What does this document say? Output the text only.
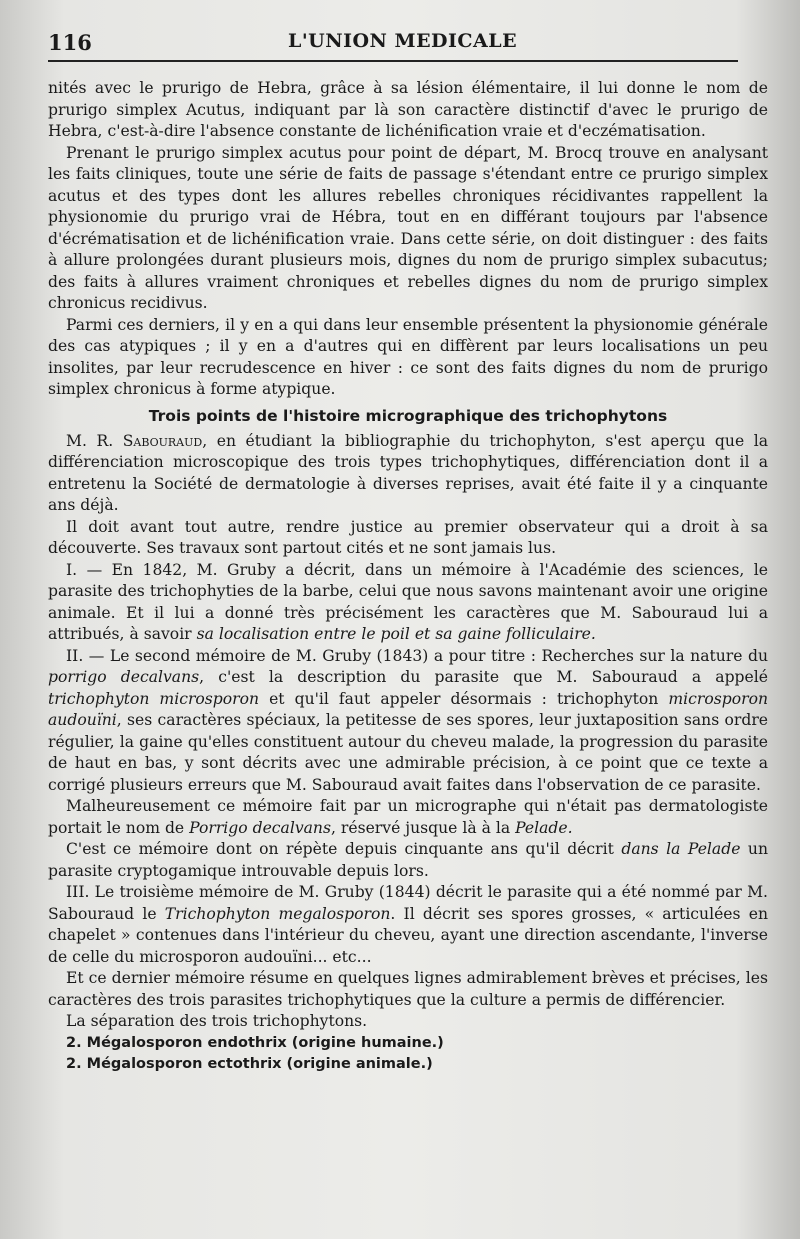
116	L'UNION MEDICALE

nités avec le prurigo de Hebra, grâce à sa lésion élémentaire, il lui donne le nom de prurigo simplex Acutus, indiquant par là son caractère distinctif d'avec le prurigo de Hebra, c'est-à-dire l'absence constante de lichénification vraie et d'eczématisation.

Prenant le prurigo simplex acutus pour point de départ, M. Brocq trouve en analysant les faits cliniques, toute une série de faits de passage s'étendant entre ce prurigo simplex acutus et des types dont les allures rebelles chroniques récidivantes rappellent la physionomie du prurigo vrai de Hébra, tout en en différant toujours par l'absence d'écrématisation et de lichénification vraie. Dans cette série, on doit distinguer : des faits à allure prolongées durant plusieurs mois, dignes du nom de prurigo simplex subacutus; des faits à allures vraiment chroniques et rebelles dignes du nom de prurigo simplex chronicus recidivus.

Parmi ces derniers, il y en a qui dans leur ensemble présentent la physionomie générale des cas atypiques ; il y en a d'autres qui en diffèrent par leurs localisations un peu insolites, par leur recrudescence en hiver : ce sont des faits dignes du nom de prurigo simplex chronicus à forme atypique.

Trois points de l'histoire micrographique des trichophytons

M. R. Sabouraud, en étudiant la bibliographie du trichophyton, s'est aperçu que la différenciation microscopique des trois types trichophytiques, différenciation dont il a entretenu la Société de dermatologie à diverses reprises, avait été faite il y a cinquante ans déjà.

Il doit avant tout autre, rendre justice au premier observateur qui a droit à sa découverte. Ses travaux sont partout cités et ne sont jamais lus.

I. — En 1842, M. Gruby a décrit, dans un mémoire à l'Académie des sciences, le parasite des trichophyties de la barbe, celui que nous savons maintenant avoir une origine animale. Et il lui a donné très précisément les caractères que M. Sabouraud lui a attribués, à savoir sa localisation entre le poil et sa gaine folliculaire.

II. — Le second mémoire de M. Gruby (1843) a pour titre : Recherches sur la nature du porrigo decalvans, c'est la description du parasite que M. Sabouraud a appelé trichophyton microsporon et qu'il faut appeler désormais : trichophyton microsporon audouïni, ses caractères spéciaux, la petitesse de ses spores, leur juxtaposition sans ordre régulier, la gaine qu'elles constituent autour du cheveu malade, la progression du parasite de haut en bas, y sont décrits avec une admirable précision, à ce point que ce texte a corrigé plusieurs erreurs que M. Sabouraud avait faites dans l'observation de ce parasite.

Malheureusement ce mémoire fait par un micrographe qui n'était pas dermatologiste portait le nom de Porrigo decalvans, réservé jusque là à la Pelade.

C'est ce mémoire dont on répète depuis cinquante ans qu'il décrit dans la Pelade un parasite cryptogamique introuvable depuis lors.

III. Le troisième mémoire de M. Gruby (1844) décrit le parasite qui a été nommé par M. Sabouraud le Trichophyton megalosporon. Il décrit ses spores grosses, « articulées en chapelet » contenues dans l'intérieur du cheveu, ayant une direction ascendante, l'inverse de celle du microsporon audouïni... etc...

Et ce dernier mémoire résume en quelques lignes admirablement brèves et précises, les caractères des trois parasites trichophytiques que la culture a permis de différencier.

La séparation des trois trichophytons.

2. Mégalosporon endothrix (origine humaine.)

2. Mégalosporon ectothrix (origine animale.)
